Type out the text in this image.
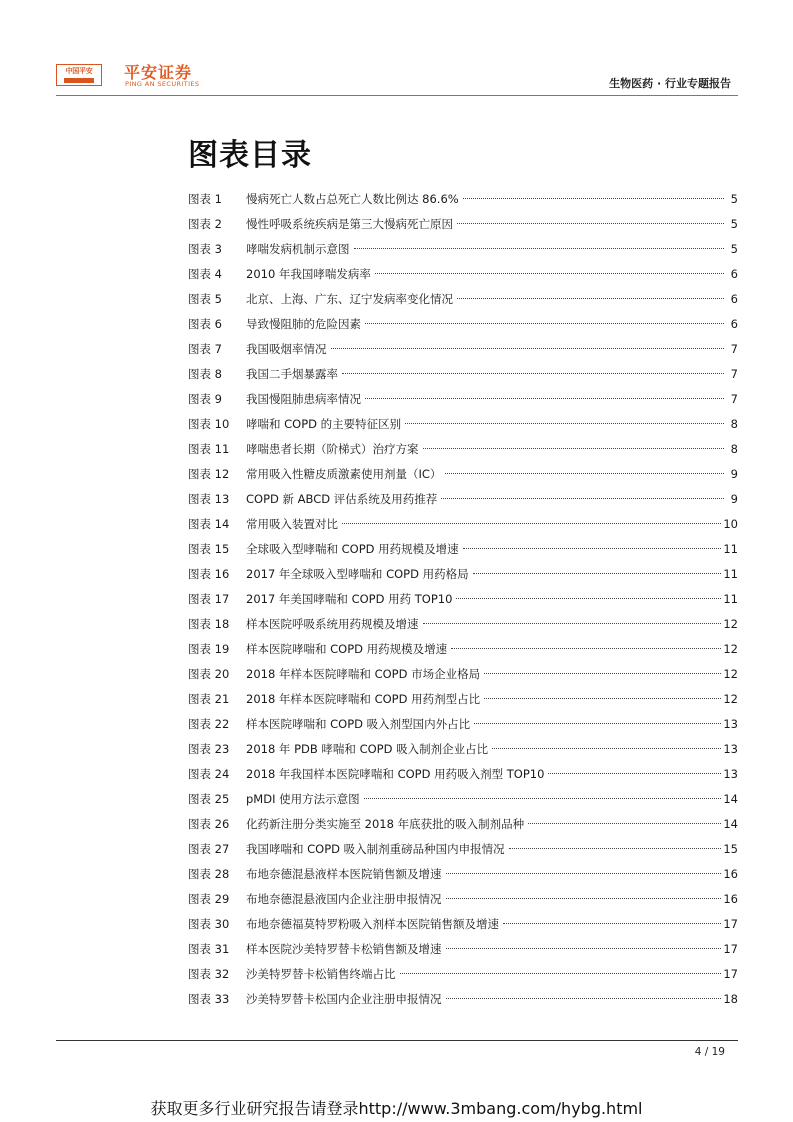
中国平安	平安证券
PING AN SECURITIES	生物医药 · 行业专题报告
图表目录
图表 1	慢病死亡人数占总死亡人数比例达 86.6%	5
图表 2	慢性呼吸系统疾病是第三大慢病死亡原因	5
图表 3	哮喘发病机制示意图	5
图表 4	2010 年我国哮喘发病率	6
图表 5	北京、上海、广东、辽宁发病率变化情况	6
图表 6	导致慢阻肺的危险因素	6
图表 7	我国吸烟率情况	7
图表 8	我国二手烟暴露率	7
图表 9	我国慢阻肺患病率情况	7
图表 10	哮喘和 COPD 的主要特征区别	8
图表 11	哮喘患者长期（阶梯式）治疗方案	8
图表 12	常用吸入性糖皮质激素使用剂量（IC）	9
图表 13	COPD 新 ABCD 评估系统及用药推荐	9
图表 14	常用吸入装置对比	10
图表 15	全球吸入型哮喘和 COPD 用药规模及增速	11
图表 16	2017 年全球吸入型哮喘和 COPD 用药格局	11
图表 17	2017 年美国哮喘和 COPD 用药 TOP10	11
图表 18	样本医院呼吸系统用药规模及增速	12
图表 19	样本医院哮喘和 COPD 用药规模及增速	12
图表 20	2018 年样本医院哮喘和 COPD 市场企业格局	12
图表 21	2018 年样本医院哮喘和 COPD 用药剂型占比	12
图表 22	样本医院哮喘和 COPD 吸入剂型国内外占比	13
图表 23	2018 年 PDB 哮喘和 COPD 吸入制剂企业占比	13
图表 24	2018 年我国样本医院哮喘和 COPD 用药吸入剂型 TOP10	13
图表 25	pMDI 使用方法示意图	14
图表 26	化药新注册分类实施至 2018 年底获批的吸入制剂品种	14
图表 27	我国哮喘和 COPD 吸入制剂重磅品种国内申报情况	15
图表 28	布地奈德混悬液样本医院销售额及增速	16
图表 29	布地奈德混悬液国内企业注册申报情况	16
图表 30	布地奈德福莫特罗粉吸入剂样本医院销售额及增速	17
图表 31	样本医院沙美特罗替卡松销售额及增速	17
图表 32	沙美特罗替卡松销售终端占比	17
图表 33	沙美特罗替卡松国内企业注册申报情况	18
4 / 19
获取更多行业研究报告请登录http://www.3mbang.com/hybg.html
